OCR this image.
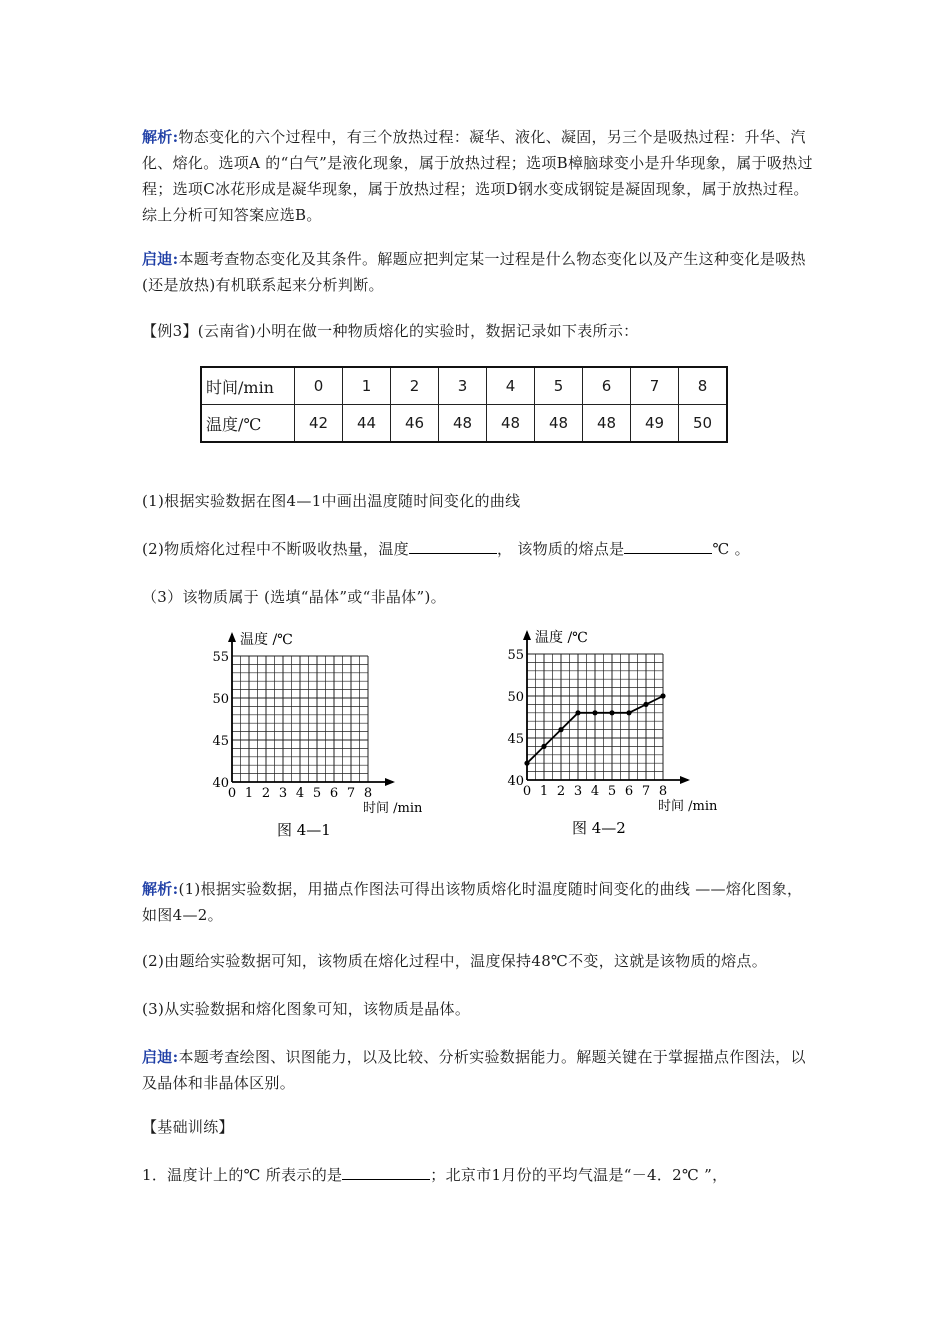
解析:物态变化的六个过程中，有三个放热过程：凝华、液化、凝固，另三个是吸热过程：升华、汽化、熔化。选项A 的“白气”是液化现象，属于放热过程；选项B樟脑球变小是升华现象，属于吸热过程；选项C冰花形成是凝华现象，属于放热过程；选项D钢水变成钢锭是凝固现象，属于放热过程。综上分析可知答案应选B。
启迪:本题考查物态变化及其条件。解题应把判定某一过程是什么物态变化以及产生这种变化是吸热(还是放热)有机联系起来分析判断。
【例3】(云南省)小明在做一种物质熔化的实验时，数据记录如下表所示：
时间/min	0	1	2	3	4	5	6	7	8
温度/℃	42	44	46	48	48	48	48	49	50
(1)根据实验数据在图4—1中画出温度随时间变化的曲线
(2)物质熔化过程中不断吸收热量，温度	， 该物质的熔点是	℃ 。
（3）该物质属于 (选填“晶体”或“非晶体”)。
解析:(1)根据实验数据，用描点作图法可得出该物质熔化时温度随时间变化的曲线 ——熔化图象，如图4—2。
(2)由题给实验数据可知，该物质在熔化过程中，温度保持48℃不变，这就是该物质的熔点。
(3)从实验数据和熔化图象可知，该物质是晶体。
启迪:本题考查绘图、识图能力，以及比较、分析实验数据能力。解题关键在于掌握描点作图法，以及晶体和非晶体区别。
【基础训练】
1．温度计上的℃ 所表示的是	；北京市1月份的平均气温是“－4．2℃ ”，
40
45
50
55
0 1 2 3 4 5 6 7 8
温度 /℃
时间 /min
图 4—1
40
45
50
55
0 1 2 3 4 5 6 7 8
温度 /℃
时间 /min
图 4—2
